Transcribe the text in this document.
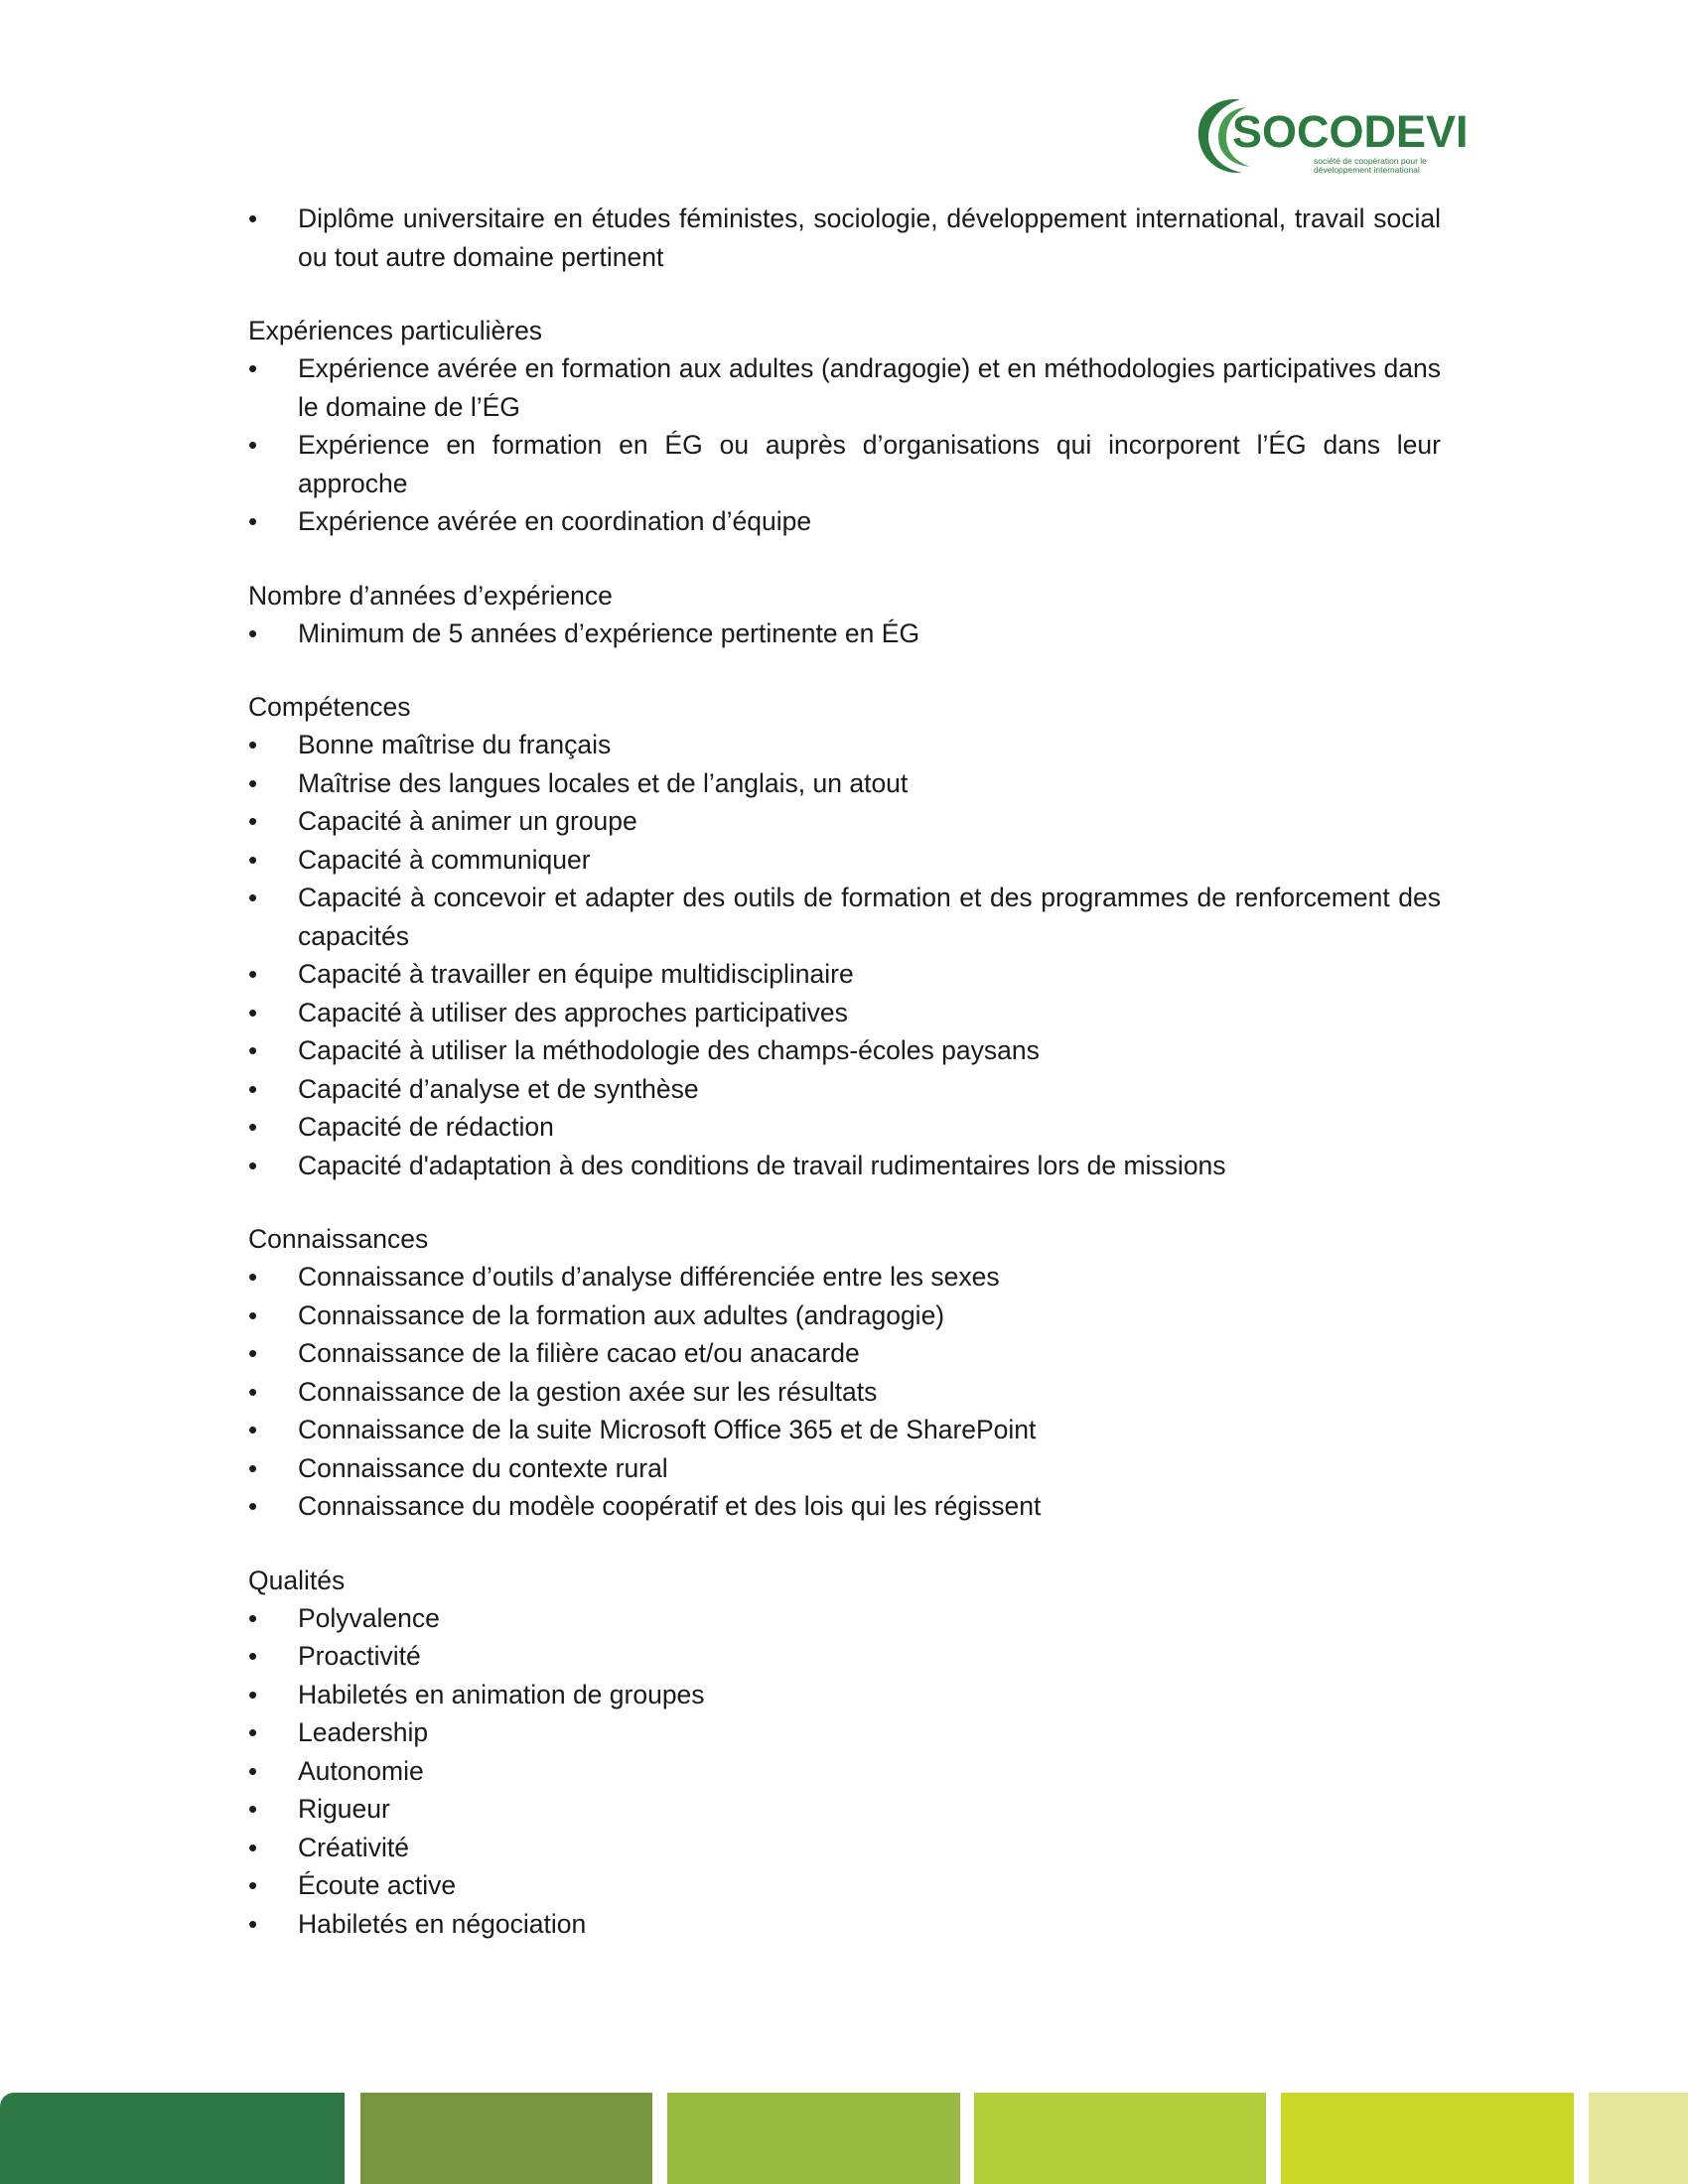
SOCODEVI
société de coopération pour le
développement international
• Diplôme universitaire en études féministes, sociologie, développement international, travail social ou tout autre domaine pertinent
Expériences particulières
• Expérience avérée en formation aux adultes (andragogie) et en méthodologies participatives dans le domaine de l’ÉG
• Expérience en formation en ÉG ou auprès d’organisations qui incorporent l’ÉG dans leur approche
• Expérience avérée en coordination d’équipe
Nombre d’années d’expérience
• Minimum de 5 années d’expérience pertinente en ÉG
Compétences
• Bonne maîtrise du français
• Maîtrise des langues locales et de l’anglais, un atout
• Capacité à animer un groupe
• Capacité à communiquer
• Capacité à concevoir et adapter des outils de formation et des programmes de renforcement des capacités
• Capacité à travailler en équipe multidisciplinaire
• Capacité à utiliser des approches participatives
• Capacité à utiliser la méthodologie des champs-écoles paysans
• Capacité d’analyse et de synthèse
• Capacité de rédaction
• Capacité d'adaptation à des conditions de travail rudimentaires lors de missions
Connaissances
• Connaissance d’outils d’analyse différenciée entre les sexes
• Connaissance de la formation aux adultes (andragogie)
• Connaissance de la filière cacao et/ou anacarde
• Connaissance de la gestion axée sur les résultats
• Connaissance de la suite Microsoft Office 365 et de SharePoint
• Connaissance du contexte rural
• Connaissance du modèle coopératif et des lois qui les régissent
Qualités
• Polyvalence
• Proactivité
• Habiletés en animation de groupes
• Leadership
• Autonomie
• Rigueur
• Créativité
• Écoute active
• Habiletés en négociation
